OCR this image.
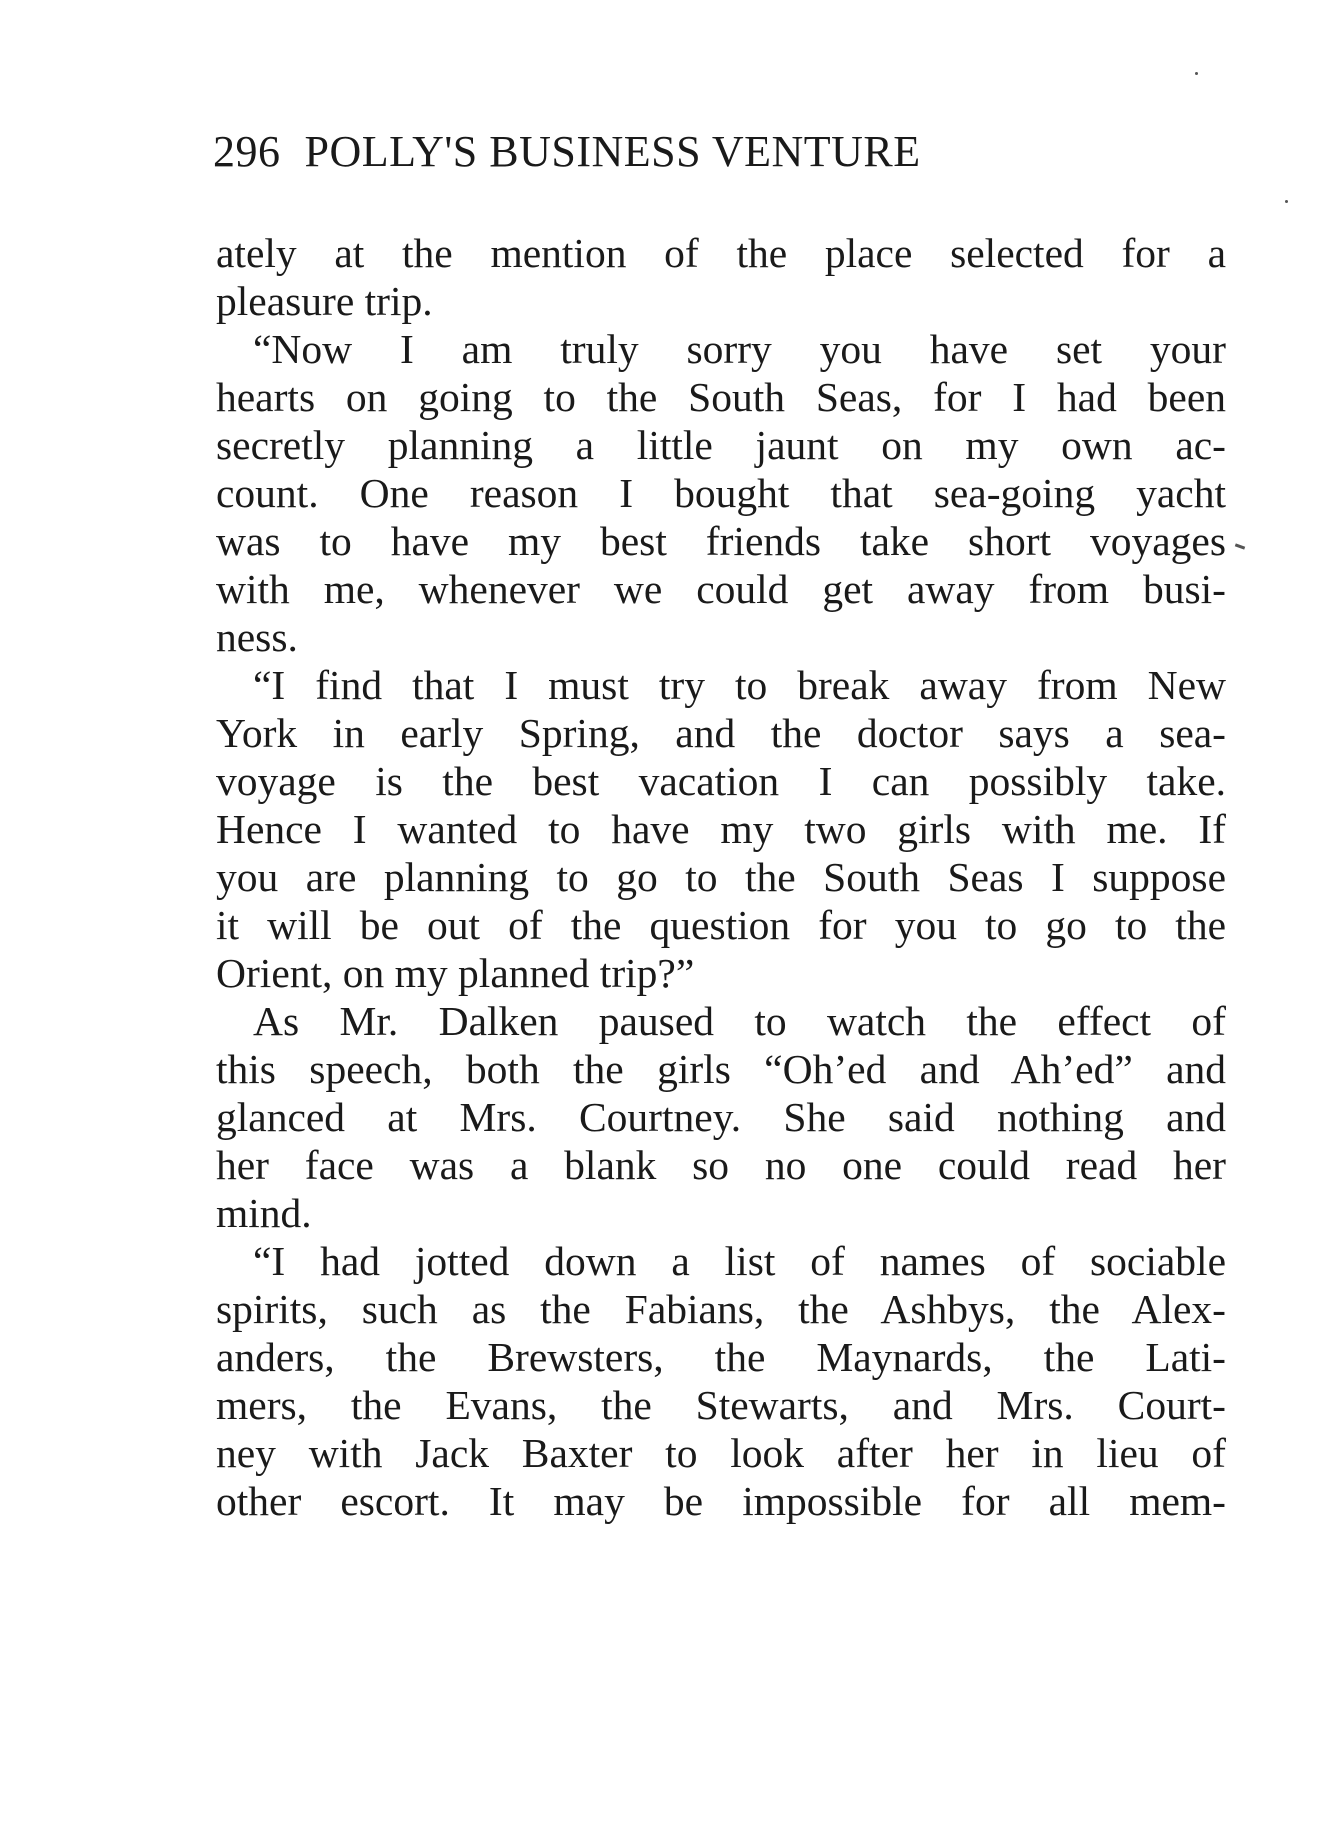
296 POLLY'S BUSINESS VENTURE
ately at the mention of the place selected for a
pleasure trip.
“Now I am truly sorry you have set your
hearts on going to the South Seas, for I had been
secretly planning a little jaunt on my own ac-
count. One reason I bought that sea-going yacht
was to have my best friends take short voyages
with me, whenever we could get away from busi-
ness.
“I find that I must try to break away from New
York in early Spring, and the doctor says a sea-
voyage is the best vacation I can possibly take.
Hence I wanted to have my two girls with me. If
you are planning to go to the South Seas I suppose
it will be out of the question for you to go to the
Orient, on my planned trip?”
As Mr. Dalken paused to watch the effect of
this speech, both the girls “Oh’ed and Ah’ed” and
glanced at Mrs. Courtney. She said nothing and
her face was a blank so no one could read her
mind.
“I had jotted down a list of names of sociable
spirits, such as the Fabians, the Ashbys, the Alex-
anders, the Brewsters, the Maynards, the Lati-
mers, the Evans, the Stewarts, and Mrs. Court-
ney with Jack Baxter to look after her in lieu of
other escort. It may be impossible for all mem-
